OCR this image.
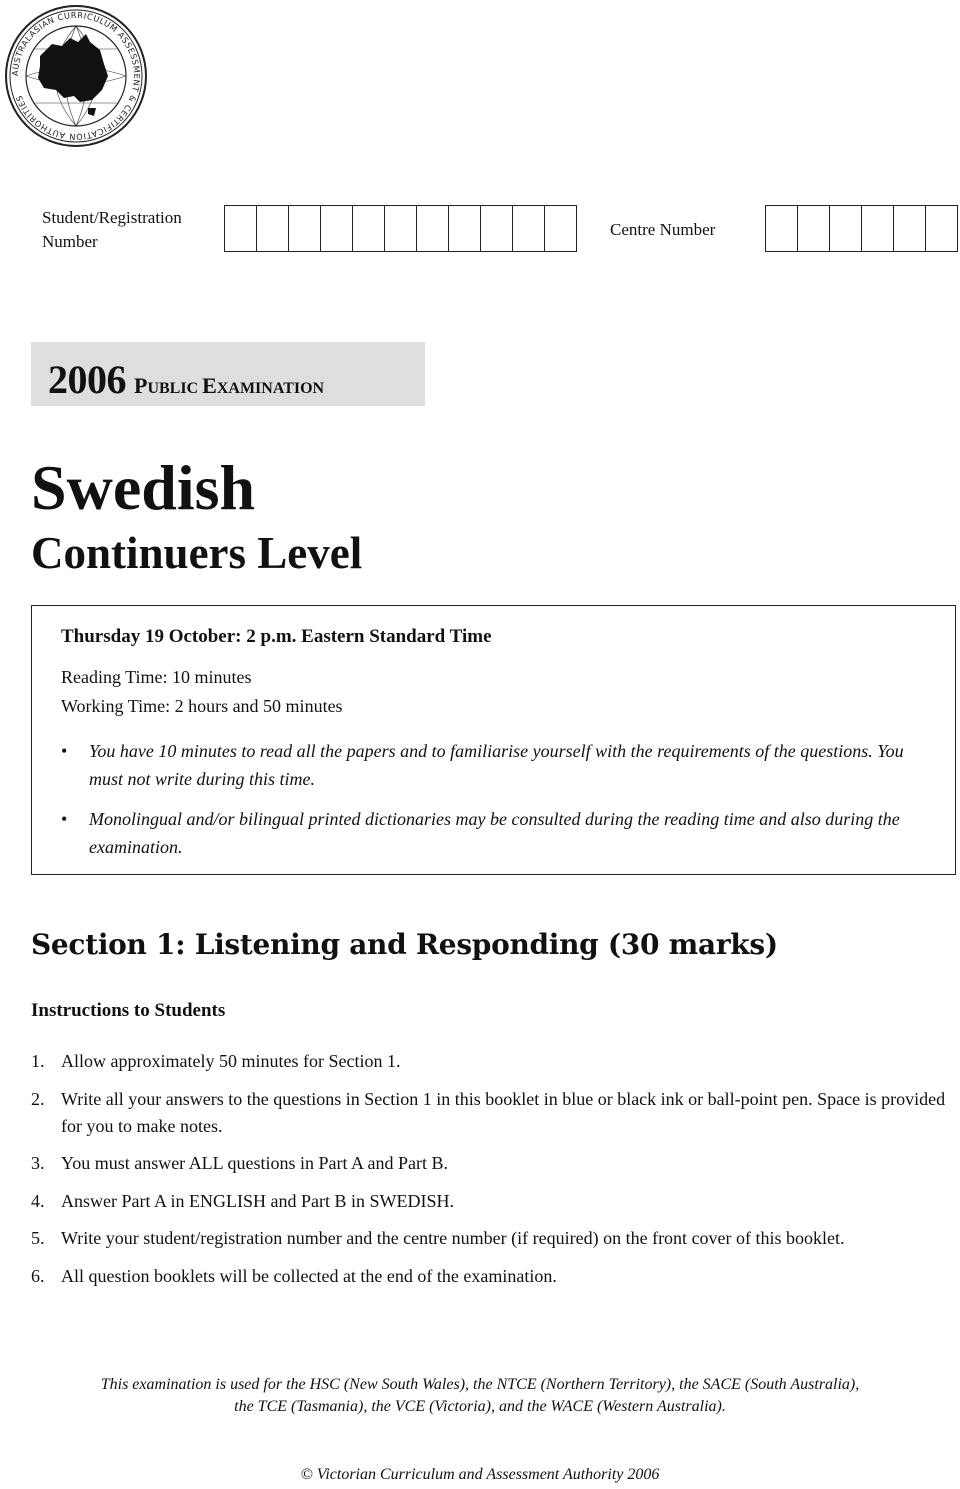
AUSTRALASIAN CURRICULUM ASSESSMENT & CERTIFICATION AUTHORITIES
Student/Registration
Number
Centre Number
2006 PUBLIC EXAMINATION
Swedish
Continuers Level
Thursday 19 October: 2 p.m. Eastern Standard Time
Reading Time: 10 minutes
Working Time: 2 hours and 50 minutes
• You have 10 minutes to read all the papers and to familiarise yourself with the requirements of the questions. You must not write during this time.
• Monolingual and/or bilingual printed dictionaries may be consulted during the reading time and also during the examination.
Section 1: Listening and Responding (30 marks)
Instructions to Students
1. Allow approximately 50 minutes for Section 1.
2. Write all your answers to the questions in Section 1 in this booklet in blue or black ink or ball-point pen. Space is provided for you to make notes.
3. You must answer ALL questions in Part A and Part B.
4. Answer Part A in ENGLISH and Part B in SWEDISH.
5. Write your student/registration number and the centre number (if required) on the front cover of this booklet.
6. All question booklets will be collected at the end of the examination.
This examination is used for the HSC (New South Wales), the NTCE (Northern Territory), the SACE (South Australia),
the TCE (Tasmania), the VCE (Victoria), and the WACE (Western Australia).
© Victorian Curriculum and Assessment Authority 2006
